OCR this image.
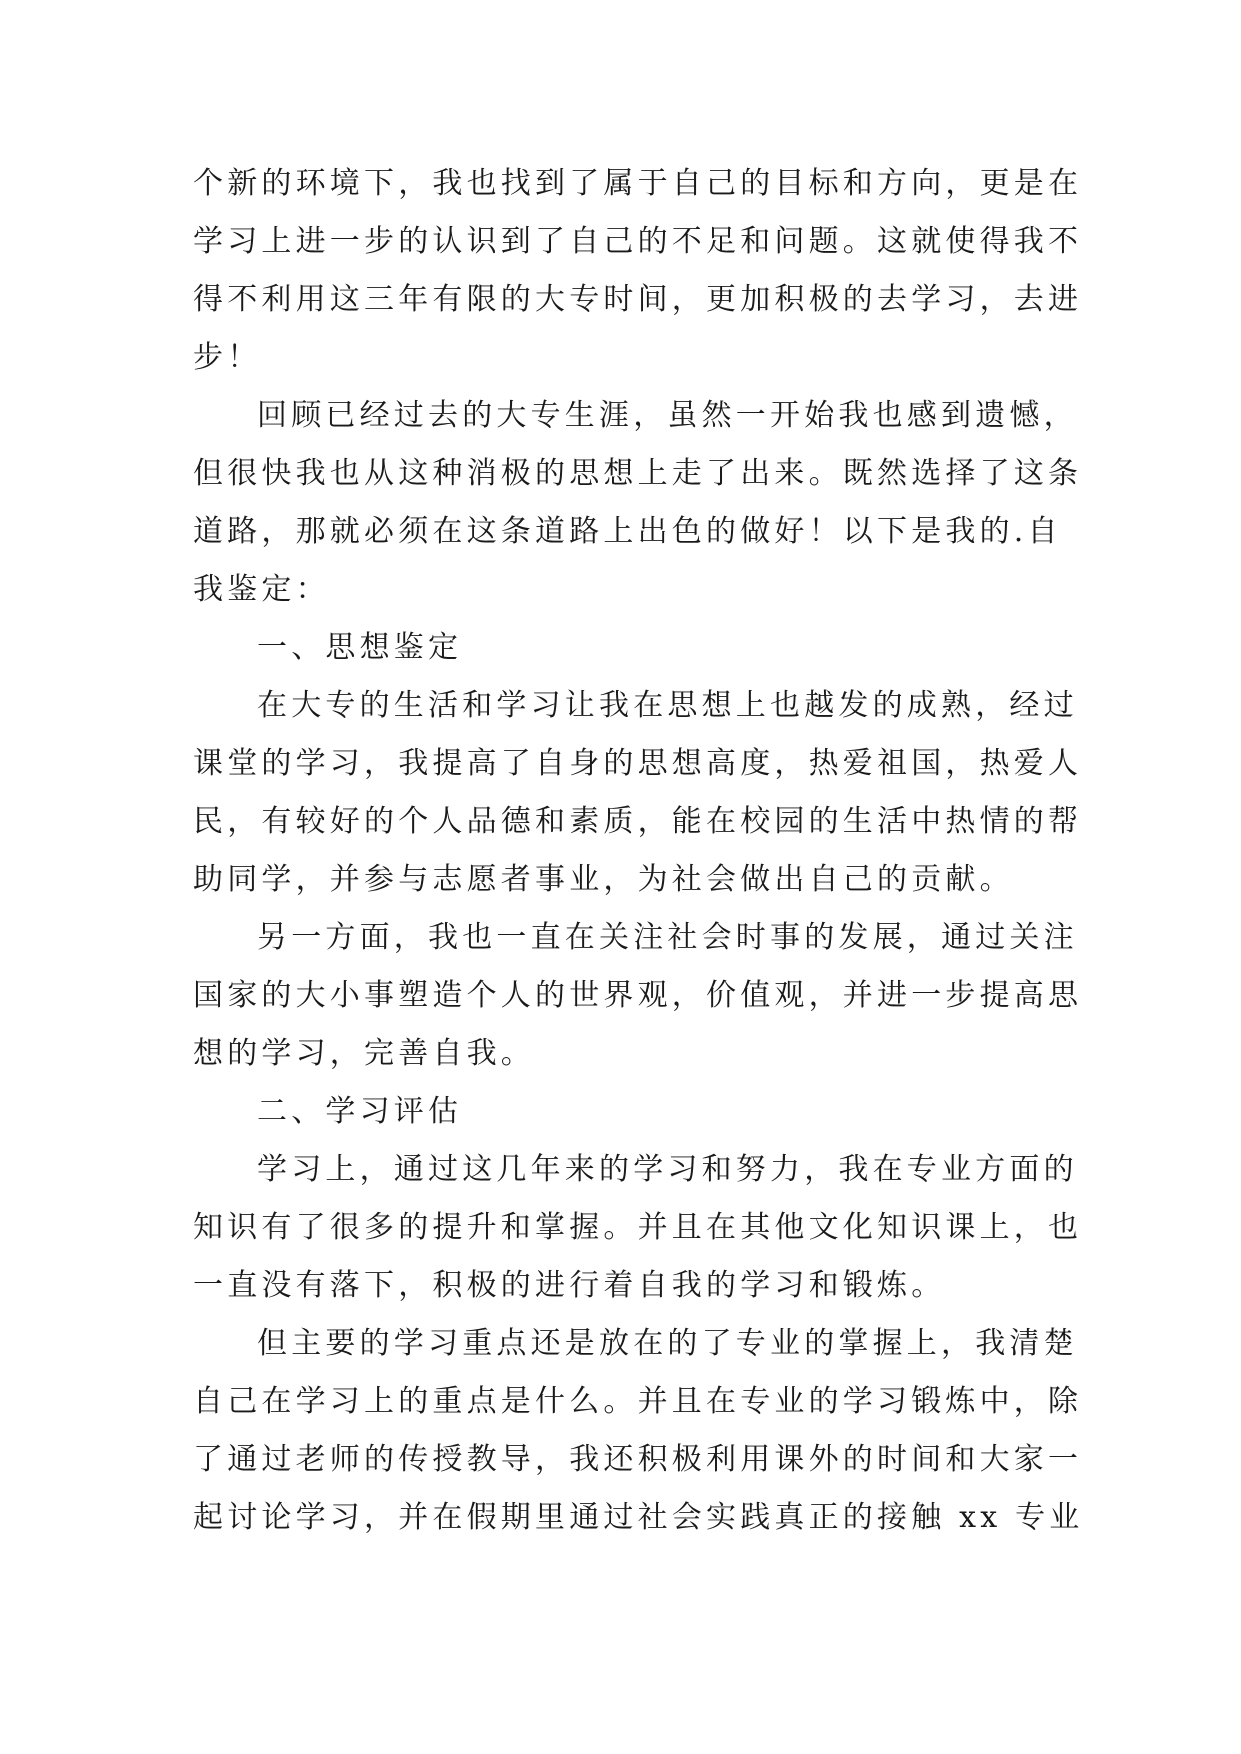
个新的环境下，我也找到了属于自己的目标和方向，更是在
学习上进一步的认识到了自己的不足和问题。这就使得我不
得不利用这三年有限的大专时间，更加积极的去学习，去进
步！
回顾已经过去的大专生涯，虽然一开始我也感到遗憾，
但很快我也从这种消极的思想上走了出来。既然选择了这条
道路，那就必须在这条道路上出色的做好！以下是我的.自
我鉴定：
一、思想鉴定
在大专的生活和学习让我在思想上也越发的成熟，经过
课堂的学习，我提高了自身的思想高度，热爱祖国，热爱人
民，有较好的个人品德和素质，能在校园的生活中热情的帮
助同学，并参与志愿者事业，为社会做出自己的贡献。
另一方面，我也一直在关注社会时事的发展，通过关注
国家的大小事塑造个人的世界观，价值观，并进一步提高思
想的学习，完善自我。
二、学习评估
学习上，通过这几年来的学习和努力，我在专业方面的
知识有了很多的提升和掌握。并且在其他文化知识课上，也
一直没有落下，积极的进行着自我的学习和锻炼。
但主要的学习重点还是放在的了专业的掌握上，我清楚
自己在学习上的重点是什么。并且在专业的学习锻炼中，除
了通过老师的传授教导，我还积极利用课外的时间和大家一
起讨论学习，并在假期里通过社会实践真正的接触 xx 专业
